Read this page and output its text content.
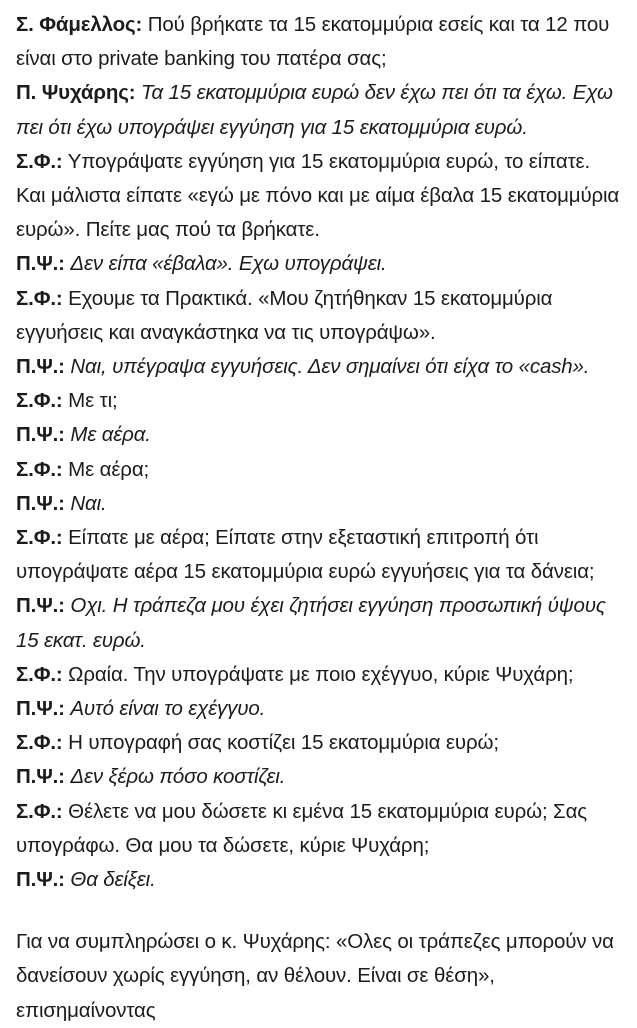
Σ. Φάμελλος: Πού βρήκατε τα 15 εκατομμύρια εσείς και τα 12 που είναι στο private banking του πατέρα σας;

Π. Ψυχάρης: Τα 15 εκατομμύρια ευρώ δεν έχω πει ότι τα έχω. Εχω πει ότι έχω υπογράψει εγγύηση για 15 εκατομμύρια ευρώ.

Σ.Φ.: Υπογράψατε εγγύηση για 15 εκατομμύρια ευρώ, το είπατε. Και μάλιστα είπατε «εγώ με πόνο και με αίμα έβαλα 15 εκατομμύρια ευρώ». Πείτε μας πού τα βρήκατε.

Π.Ψ.: Δεν είπα «έβαλα». Εχω υπογράψει.

Σ.Φ.: Εχουμε τα Πρακτικά. «Μου ζητήθηκαν 15 εκατομμύρια εγγυήσεις και αναγκάστηκα να τις υπογράψω».

Π.Ψ.: Ναι, υπέγραψα εγγυήσεις. Δεν σημαίνει ότι είχα το «cash».

Σ.Φ.: Με τι;

Π.Ψ.: Με αέρα.

Σ.Φ.: Με αέρα;

Π.Ψ.: Ναι.

Σ.Φ.: Είπατε με αέρα; Είπατε στην εξεταστική επιτροπή ότι υπογράψατε αέρα 15 εκατομμύρια ευρώ εγγυήσεις για τα δάνεια;

Π.Ψ.: Οχι. Η τράπεζα μου έχει ζητήσει εγγύηση προσωπική ύψους 15 εκατ. ευρώ.

Σ.Φ.: Ωραία. Την υπογράψατε με ποιο εχέγγυο, κύριε Ψυχάρη;

Π.Ψ.: Αυτό είναι το εχέγγυο.

Σ.Φ.: Η υπογραφή σας κοστίζει 15 εκατομμύρια ευρώ;

Π.Ψ.: Δεν ξέρω πόσο κοστίζει.

Σ.Φ.: Θέλετε να μου δώσετε κι εμένα 15 εκατομμύρια ευρώ; Σας υπογράφω. Θα μου τα δώσετε, κύριε Ψυχάρη;

Π.Ψ.: Θα δείξει.

Για να συμπληρώσει ο κ. Ψυχάρης: «Ολες οι τράπεζες μπορούν να δανείσουν χωρίς εγγύηση, αν θέλουν. Είναι σε θέση», επισημαίνοντας
